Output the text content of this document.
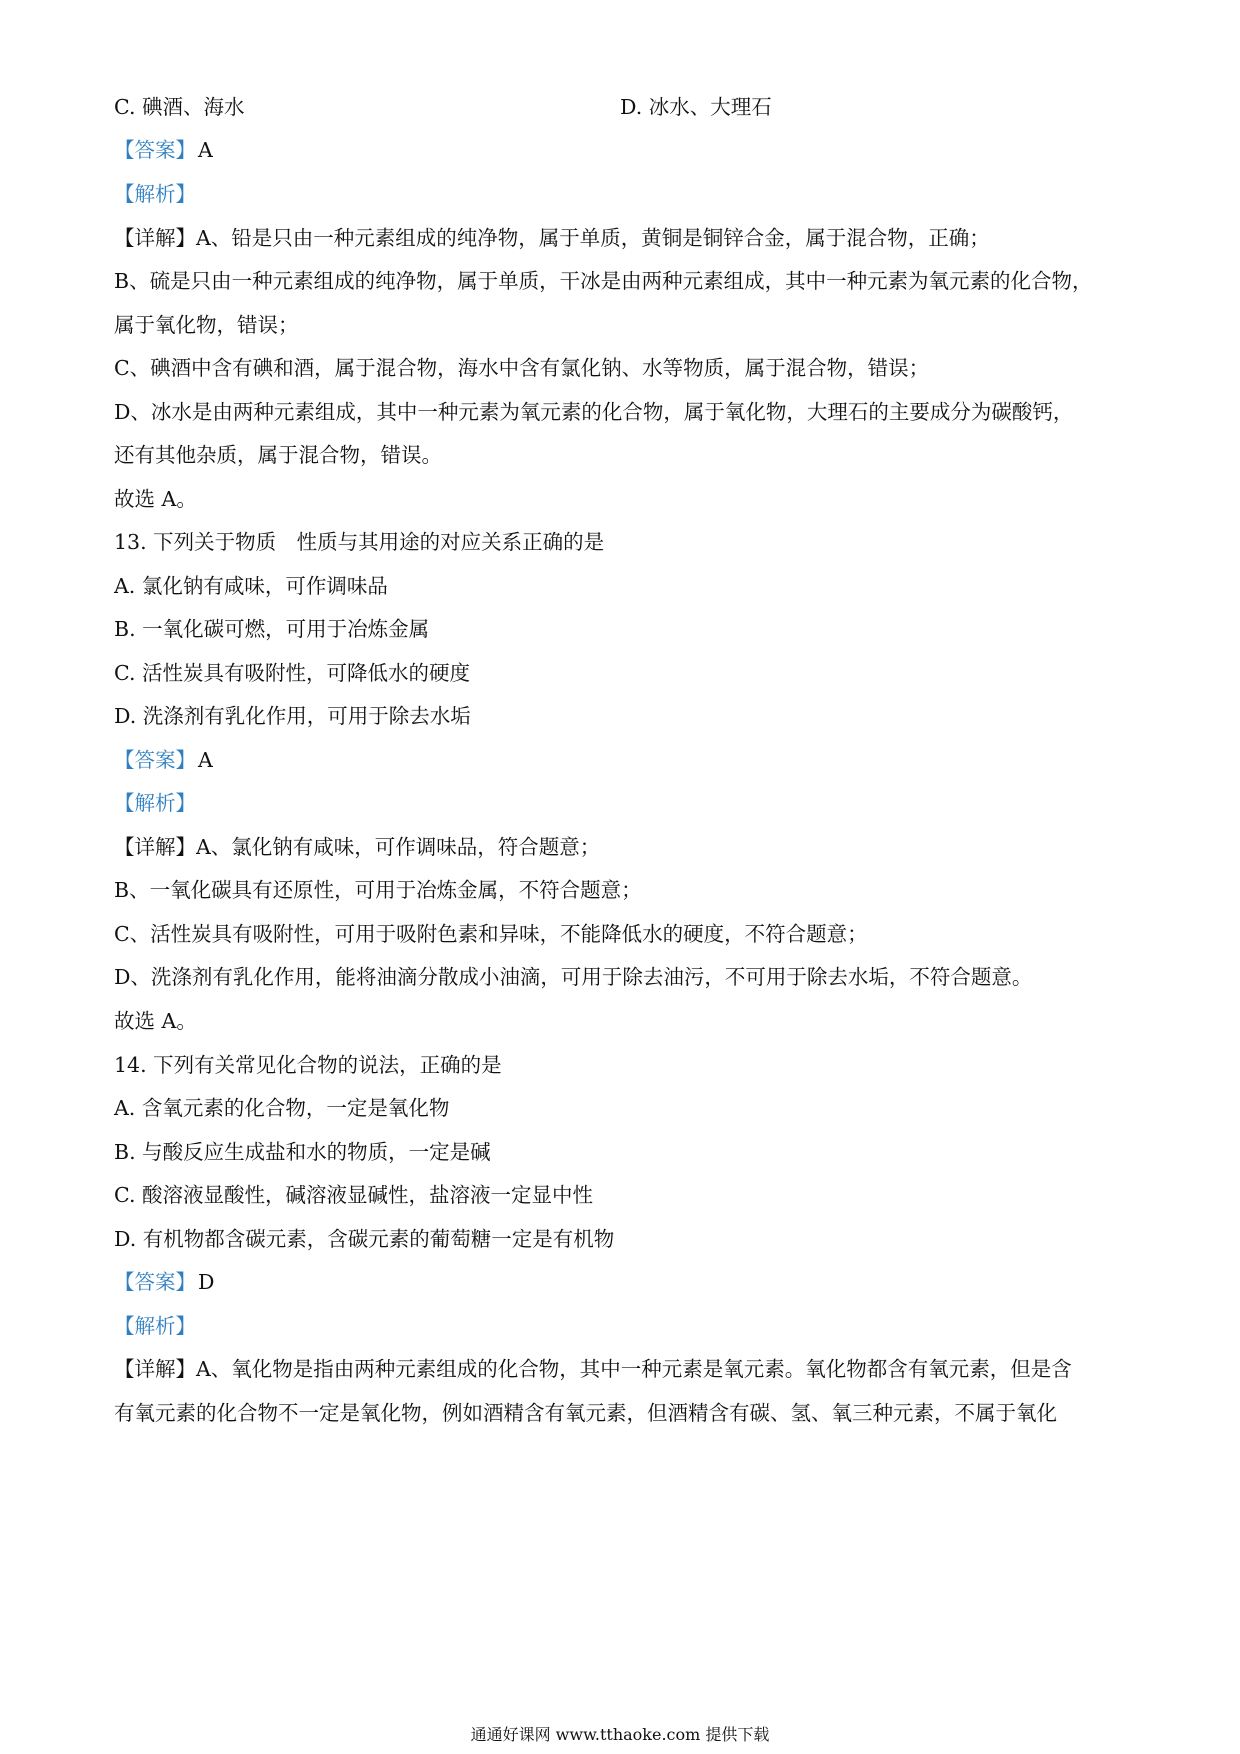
C. 碘酒、海水	D. 冰水、大理石
【答案】A
【解析】
【详解】A、铅是只由一种元素组成的纯净物，属于单质，黄铜是铜锌合金，属于混合物，正确；
B、硫是只由一种元素组成的纯净物，属于单质，干冰是由两种元素组成，其中一种元素为氧元素的化合物，
属于氧化物，错误；
C、碘酒中含有碘和酒，属于混合物，海水中含有氯化钠、水等物质，属于混合物，错误；
D、冰水是由两种元素组成，其中一种元素为氧元素的化合物，属于氧化物，大理石的主要成分为碳酸钙，
还有其他杂质，属于混合物，错误。
故选 A。
13. 下列关于物质　性质与其用途的对应关系正确的是
A. 氯化钠有咸味，可作调味品
B. 一氧化碳可燃，可用于冶炼金属
C. 活性炭具有吸附性，可降低水的硬度
D. 洗涤剂有乳化作用，可用于除去水垢
【答案】A
【解析】
【详解】A、氯化钠有咸味，可作调味品，符合题意；
B、一氧化碳具有还原性，可用于冶炼金属，不符合题意；
C、活性炭具有吸附性，可用于吸附色素和异味，不能降低水的硬度，不符合题意；
D、洗涤剂有乳化作用，能将油滴分散成小油滴，可用于除去油污，不可用于除去水垢，不符合题意。
故选 A。
14. 下列有关常见化合物的说法，正确的是
A. 含氧元素的化合物，一定是氧化物
B. 与酸反应生成盐和水的物质，一定是碱
C. 酸溶液显酸性，碱溶液显碱性，盐溶液一定显中性
D. 有机物都含碳元素，含碳元素的葡萄糖一定是有机物
【答案】D
【解析】
【详解】A、氧化物是指由两种元素组成的化合物，其中一种元素是氧元素。氧化物都含有氧元素，但是含
有氧元素的化合物不一定是氧化物，例如酒精含有氧元素，但酒精含有碳、氢、氧三种元素，不属于氧化
通通好课网 www.tthaoke.com 提供下载
